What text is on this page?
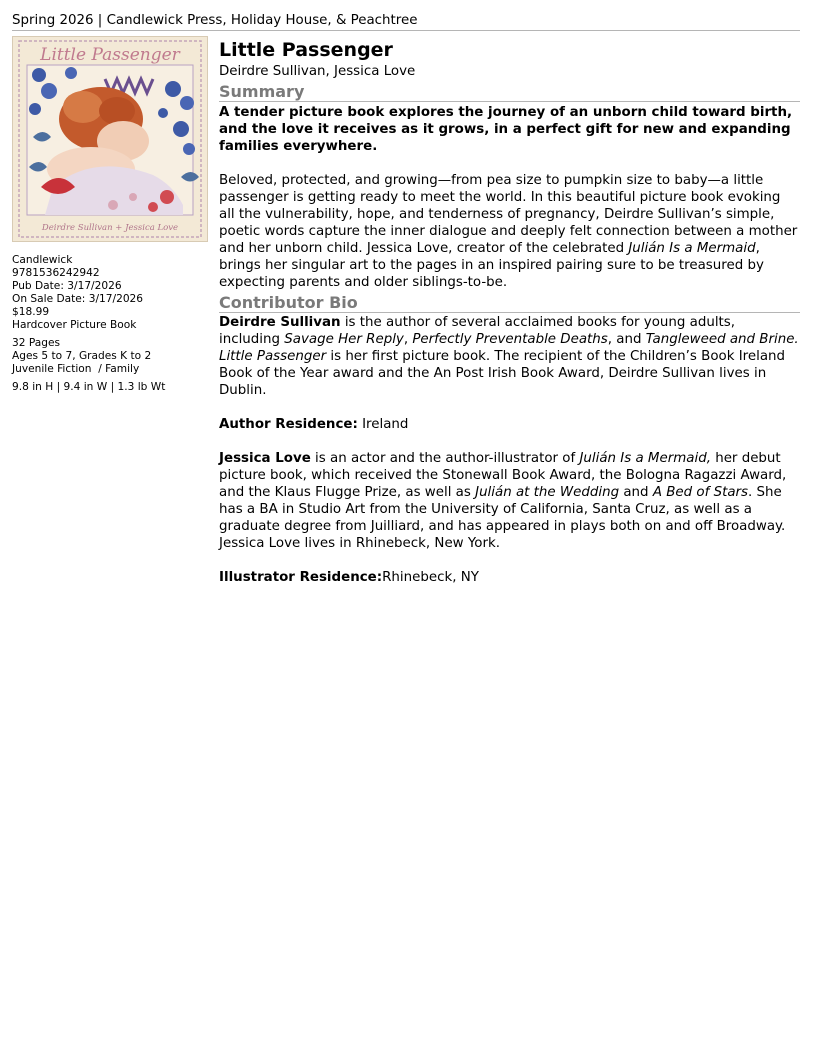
Spring 2026 | Candlewick Press, Holiday House, & Peachtree
Little Passenger
Deirdre Sullivan + Jessica Love
Candlewick
9781536242942
Pub Date: 3/17/2026
On Sale Date: 3/17/2026
$18.99
Hardcover Picture Book
32 Pages
Ages 5 to 7, Grades K to 2
Juvenile Fiction  / Family
9.8 in H | 9.4 in W | 1.3 lb Wt
Little Passenger
Deirdre Sullivan, Jessica Love
Summary

A tender picture book explores the journey of an unborn child toward birth, and the love it receives as it grows, in a perfect gift for new and expanding families everywhere.

Beloved, protected, and growing—from pea size to pumpkin size to baby—a little passenger is getting ready to meet the world. In this beautiful picture book evoking all the vulnerability, hope, and tenderness of pregnancy, Deirdre Sullivan’s simple, poetic words capture the inner dialogue and deeply felt connection between a mother and her unborn child. Jessica Love, creator of the celebrated Julián Is a Mermaid, brings her singular art to the pages in an inspired pairing sure to be treasured by expecting parents and older siblings-to-be.

Contributor Bio

Deirdre Sullivan is the author of several acclaimed books for young adults, including Savage Her Reply, Perfectly Preventable Deaths, and Tangleweed and Brine. Little Passenger is her first picture book. The recipient of the Children’s Book Ireland Book of the Year award and the An Post Irish Book Award, Deirdre Sullivan lives in Dublin.

Author Residence: Ireland

Jessica Love is an actor and the author-illustrator of Julián Is a Mermaid, her debut picture book, which received the Stonewall Book Award, the Bologna Ragazzi Award, and the Klaus Flugge Prize, as well as Julián at the Wedding and A Bed of Stars. She has a BA in Studio Art from the University of California, Santa Cruz, as well as a graduate degree from Juilliard, and has appeared in plays both on and off Broadway. Jessica Love lives in Rhinebeck, New York.

Illustrator Residence:Rhinebeck, NY
